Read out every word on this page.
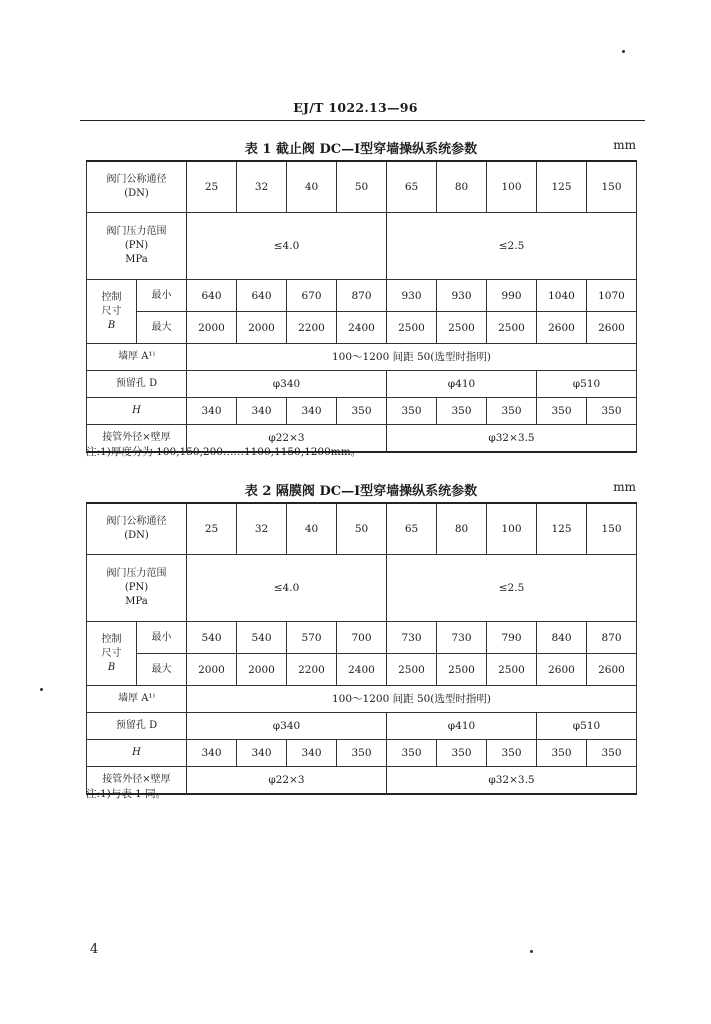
EJ/T 1022.13—96
表 1 截止阀 DC—Ⅰ型穿墙操纵系统参数	mm
阀门公称通径
(DN)		25	32	40	50	65	80	100	125	150

阀门压力范围
(PN)
MPa		≤4.0				≤2.5				

控制
尺寸
B	最小	640	640	670	870	930	930	990	1040	1070
	最大	2000	2000	2200	2400	2500	2500	2500	2600	2600
墙厚 A¹⁾		100～1200 间距 50(选型时指明)								
预留孔 D		φ340				φ410			φ510	
H		340	340	340	350	350	350	350	350	350
接管外径×壁厚		φ22×3				φ32×3.5				
注:1)厚度分为 100,150,200……1100,1150,1200mm。
表 2 隔膜阀 DC—Ⅰ型穿墙操纵系统参数	mm
阀门公称通径
(DN)		25	32	40	50	65	80	100	125	150

阀门压力范围
(PN)
MPa		≤4.0				≤2.5				

控制
尺寸
B	最小	540	540	570	700	730	730	790	840	870
	最大	2000	2000	2200	2400	2500	2500	2500	2600	2600
墙厚 A¹⁾		100～1200 间距 50(选型时指明)								
预留孔 D		φ340				φ410			φ510	
H		340	340	340	350	350	350	350	350	350
接管外径×壁厚		φ22×3				φ32×3.5				
注:1)与表 1 同。
4
